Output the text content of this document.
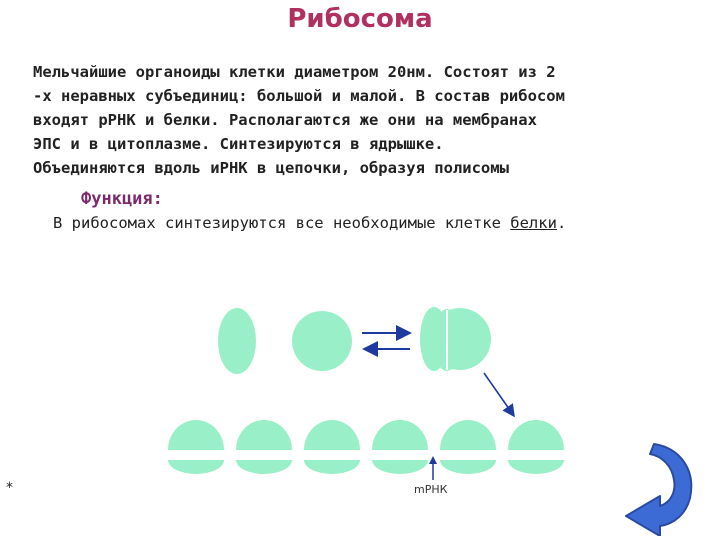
Рибосома
Мельчайшие органоиды клетки диаметром 20нм. Состоят из 2
-х неравных субъединиц: большой и малой. В состав рибосом
входят рРНК и белки. Располагаются же они на мембранах
ЭПС и в цитоплазме. Синтезируются в ядрышке.
Объединяются вдоль иРНК в цепочки, образуя полисомы
Функция:
В рибосомах синтезируются все необходимые клетке белки.
mРНК
*
